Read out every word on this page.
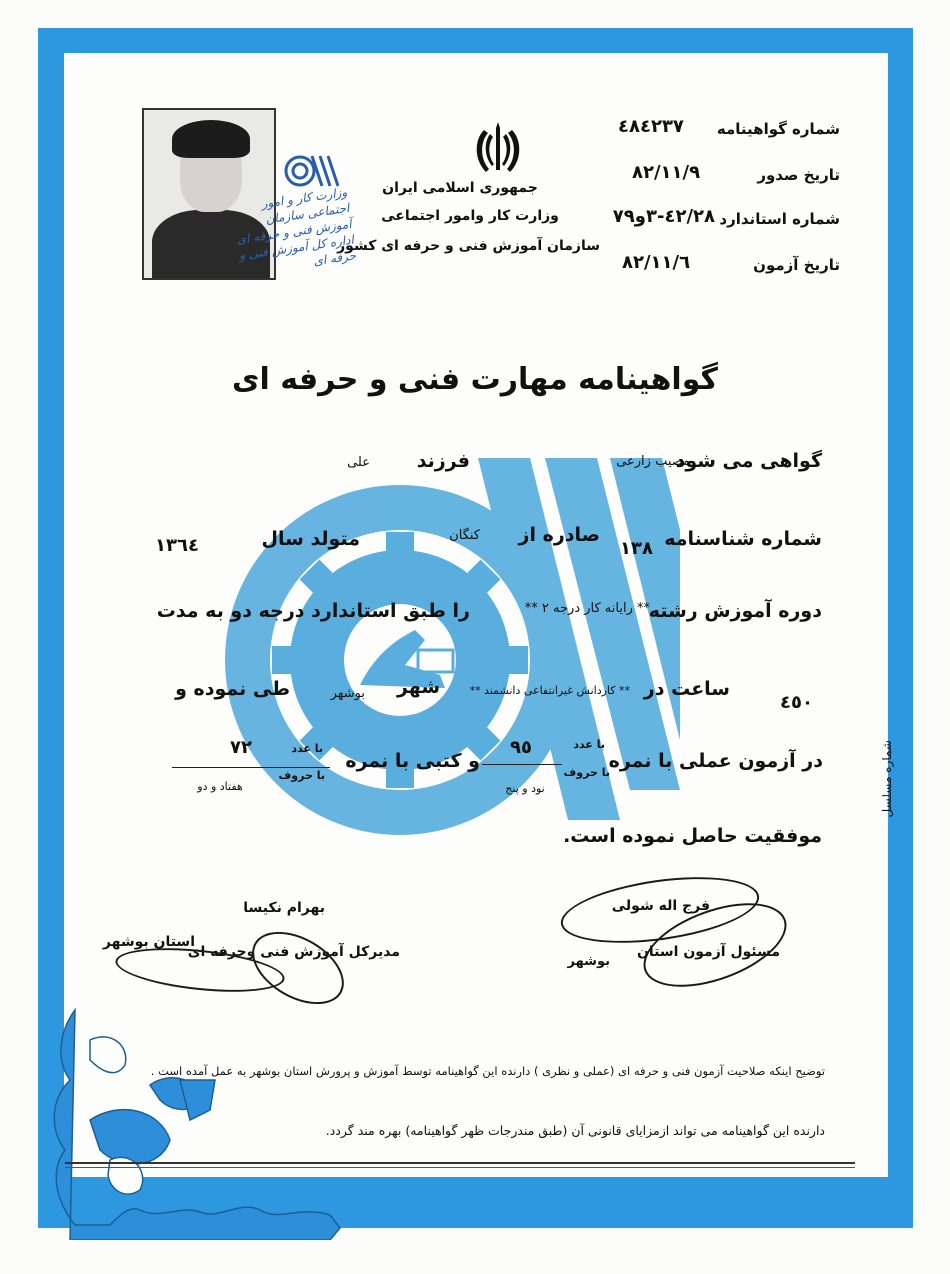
وزارت کار و امور اجتماعی سازمان آموزش فنی و حرفه ای اداره کل آموزش فنی و حرفه ای
جمهوری اسلامی ایران
وزارت کار وامور اجتماعی
سازمان آموزش فنی و حرفه ای کشور
شماره گواهینامه
٤٨٤٢٣٧
تاریخ صدور
٨٢/١١/٩
شماره استاندارد
٤٢/٢٨-٣و٧٩
تاریخ آزمون
٨٢/١١/٦
گواهینامه مهارت فنی و حرفه ای
گواهی می شود
مصیب زارعی
فرزند
علی
شماره شناسنامه
١٣٨
صادره از
کنگان
متولد سال
١٣٦٤
دوره آموزش رشته
** رایانه کار درجه ٢ **
را طبق استاندارد درجه دو به مدت
٤٥٠
ساعت در
** کاردانش غیرانتفاعی دانشمند **
شهر
بوشهر
طی نموده و
در آزمون عملی با نمره
با عدد
با حروف
٩٥
نود و پنج
و کتبی با نمره
با عدد
با حروف
٧٢
هفتاد و دو
موفقیت حاصل نموده است.
فرج اله شولی
مسئول آزمون استان
بوشهر
بهرام نکیسا
مدیرکل آموزش فنی وحرفه ای
استان بوشهر
توضیح اینکه صلاحیت آزمون فنی و حرفه ای (عملی و نظری ) دارنده این گواهینامه توسط آموزش و پرورش استان بوشهر به عمل آمده است .
دارنده این گواهینامه می تواند ازمزایای قانونی آن (طبق مندرجات ظهر گواهینامه) بهره مند گردد.
شماره مسلسل
